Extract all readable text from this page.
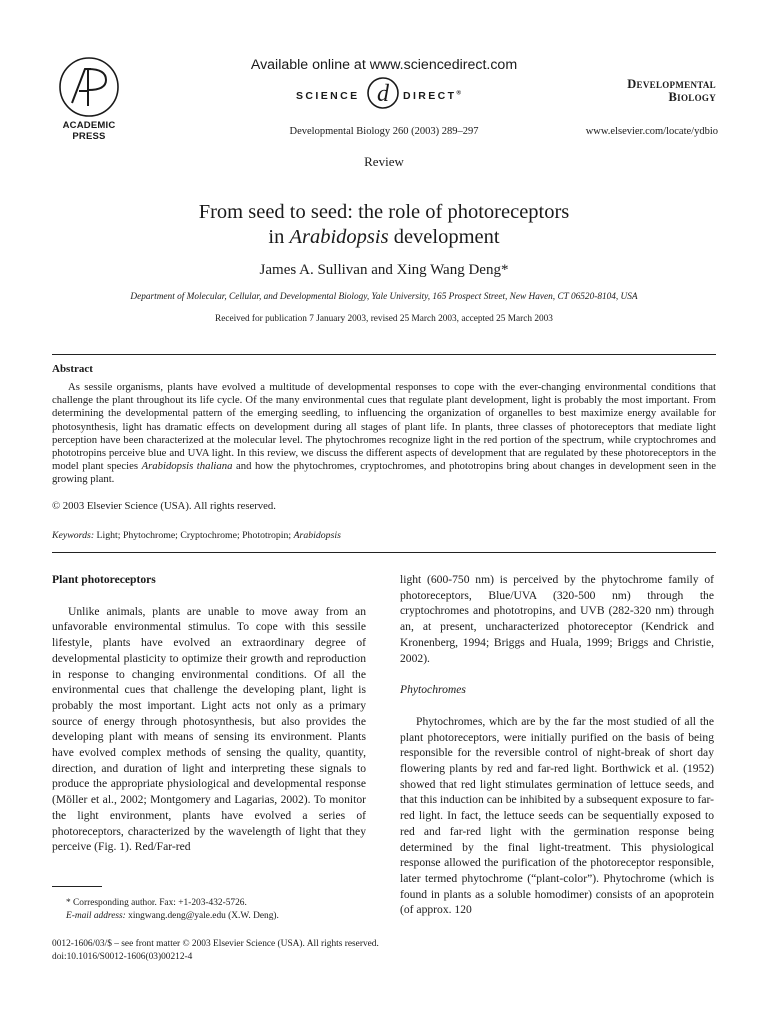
ACADEMIC
PRESS
Available online at www.sciencedirect.com
SCIENCE d DIRECT®
Developmental Biology 260 (2003) 289–297
Developmental
Biology
www.elsevier.com/locate/ydbio
Review
From seed to seed: the role of photoreceptors
in Arabidopsis development
James A. Sullivan and Xing Wang Deng*
Department of Molecular, Cellular, and Developmental Biology, Yale University, 165 Prospect Street, New Haven, CT 06520-8104, USA
Received for publication 7 January 2003, revised 25 March 2003, accepted 25 March 2003
Abstract

As sessile organisms, plants have evolved a multitude of developmental responses to cope with the ever-changing environmental conditions that challenge the plant throughout its life cycle. Of the many environmental cues that regulate plant development, light is probably the most important. From determining the developmental pattern of the emerging seedling, to influencing the organization of organelles to best maximize energy available for photosynthesis, light has dramatic effects on development during all stages of plant life. In plants, three classes of photoreceptors that mediate light perception have been characterized at the molecular level. The phytochromes recognize light in the red portion of the spectrum, while cryptochromes and phototropins perceive blue and UVA light. In this review, we discuss the different aspects of development that are regulated by these photoreceptors in the model plant species Arabidopsis thaliana and how the phytochromes, cryptochromes, and phototropins bring about changes in development seen in the growing plant.

© 2003 Elsevier Science (USA). All rights reserved.
Keywords: Light; Phytochrome; Cryptochrome; Phototropin; Arabidopsis
Plant photoreceptors

Unlike animals, plants are unable to move away from an unfavorable environmental stimulus. To cope with this sessile lifestyle, plants have evolved an extraordinary degree of developmental plasticity to optimize their growth and reproduction in response to changing environmental conditions. Of all the environmental cues that challenge the developing plant, light is probably the most important. Light acts not only as a primary source of energy through photosynthesis, but also provides the developing plant with means of sensing its environment. Plants have evolved complex methods of sensing the quality, quantity, direction, and duration of light and interpreting these signals to produce the appropriate physiological and developmental response (Möller et al., 2002; Montgomery and Lagarias, 2002). To monitor the light environment, plants have evolved a series of photoreceptors, characterized by the wavelength of light that they perceive (Fig. 1). Red/Far-red

light (600-750 nm) is perceived by the phytochrome family of photoreceptors, Blue/UVA (320-500 nm) through the cryptochromes and phototropins, and UVB (282-320 nm) through an, at present, uncharacterized photoreceptor (Kendrick and Kronenberg, 1994; Briggs and Huala, 1999; Briggs and Christie, 2002).

Phytochromes

Phytochromes, which are by the far the most studied of all the plant photoreceptors, were initially purified on the basis of being responsible for the reversible control of night-break of short day flowering plants by red and far-red light. Borthwick et al. (1952) showed that red light stimulates germination of lettuce seeds, and that this induction can be inhibited by a subsequent exposure to far-red light. In fact, the lettuce seeds can be sequentially exposed to red and far-red light with the germination response being determined by the final light-treatment. This physiological response allowed the purification of the photoreceptor responsible, later termed phytochrome (“plant-color”). Phytochrome (which is found in plants as a soluble homodimer) consists of an apoprotein (of approx. 120

* Corresponding author. Fax: +1-203-432-5726.
E-mail address: xingwang.deng@yale.edu (X.W. Deng).
0012-1606/03/$ – see front matter © 2003 Elsevier Science (USA). All rights reserved.
doi:10.1016/S0012-1606(03)00212-4
